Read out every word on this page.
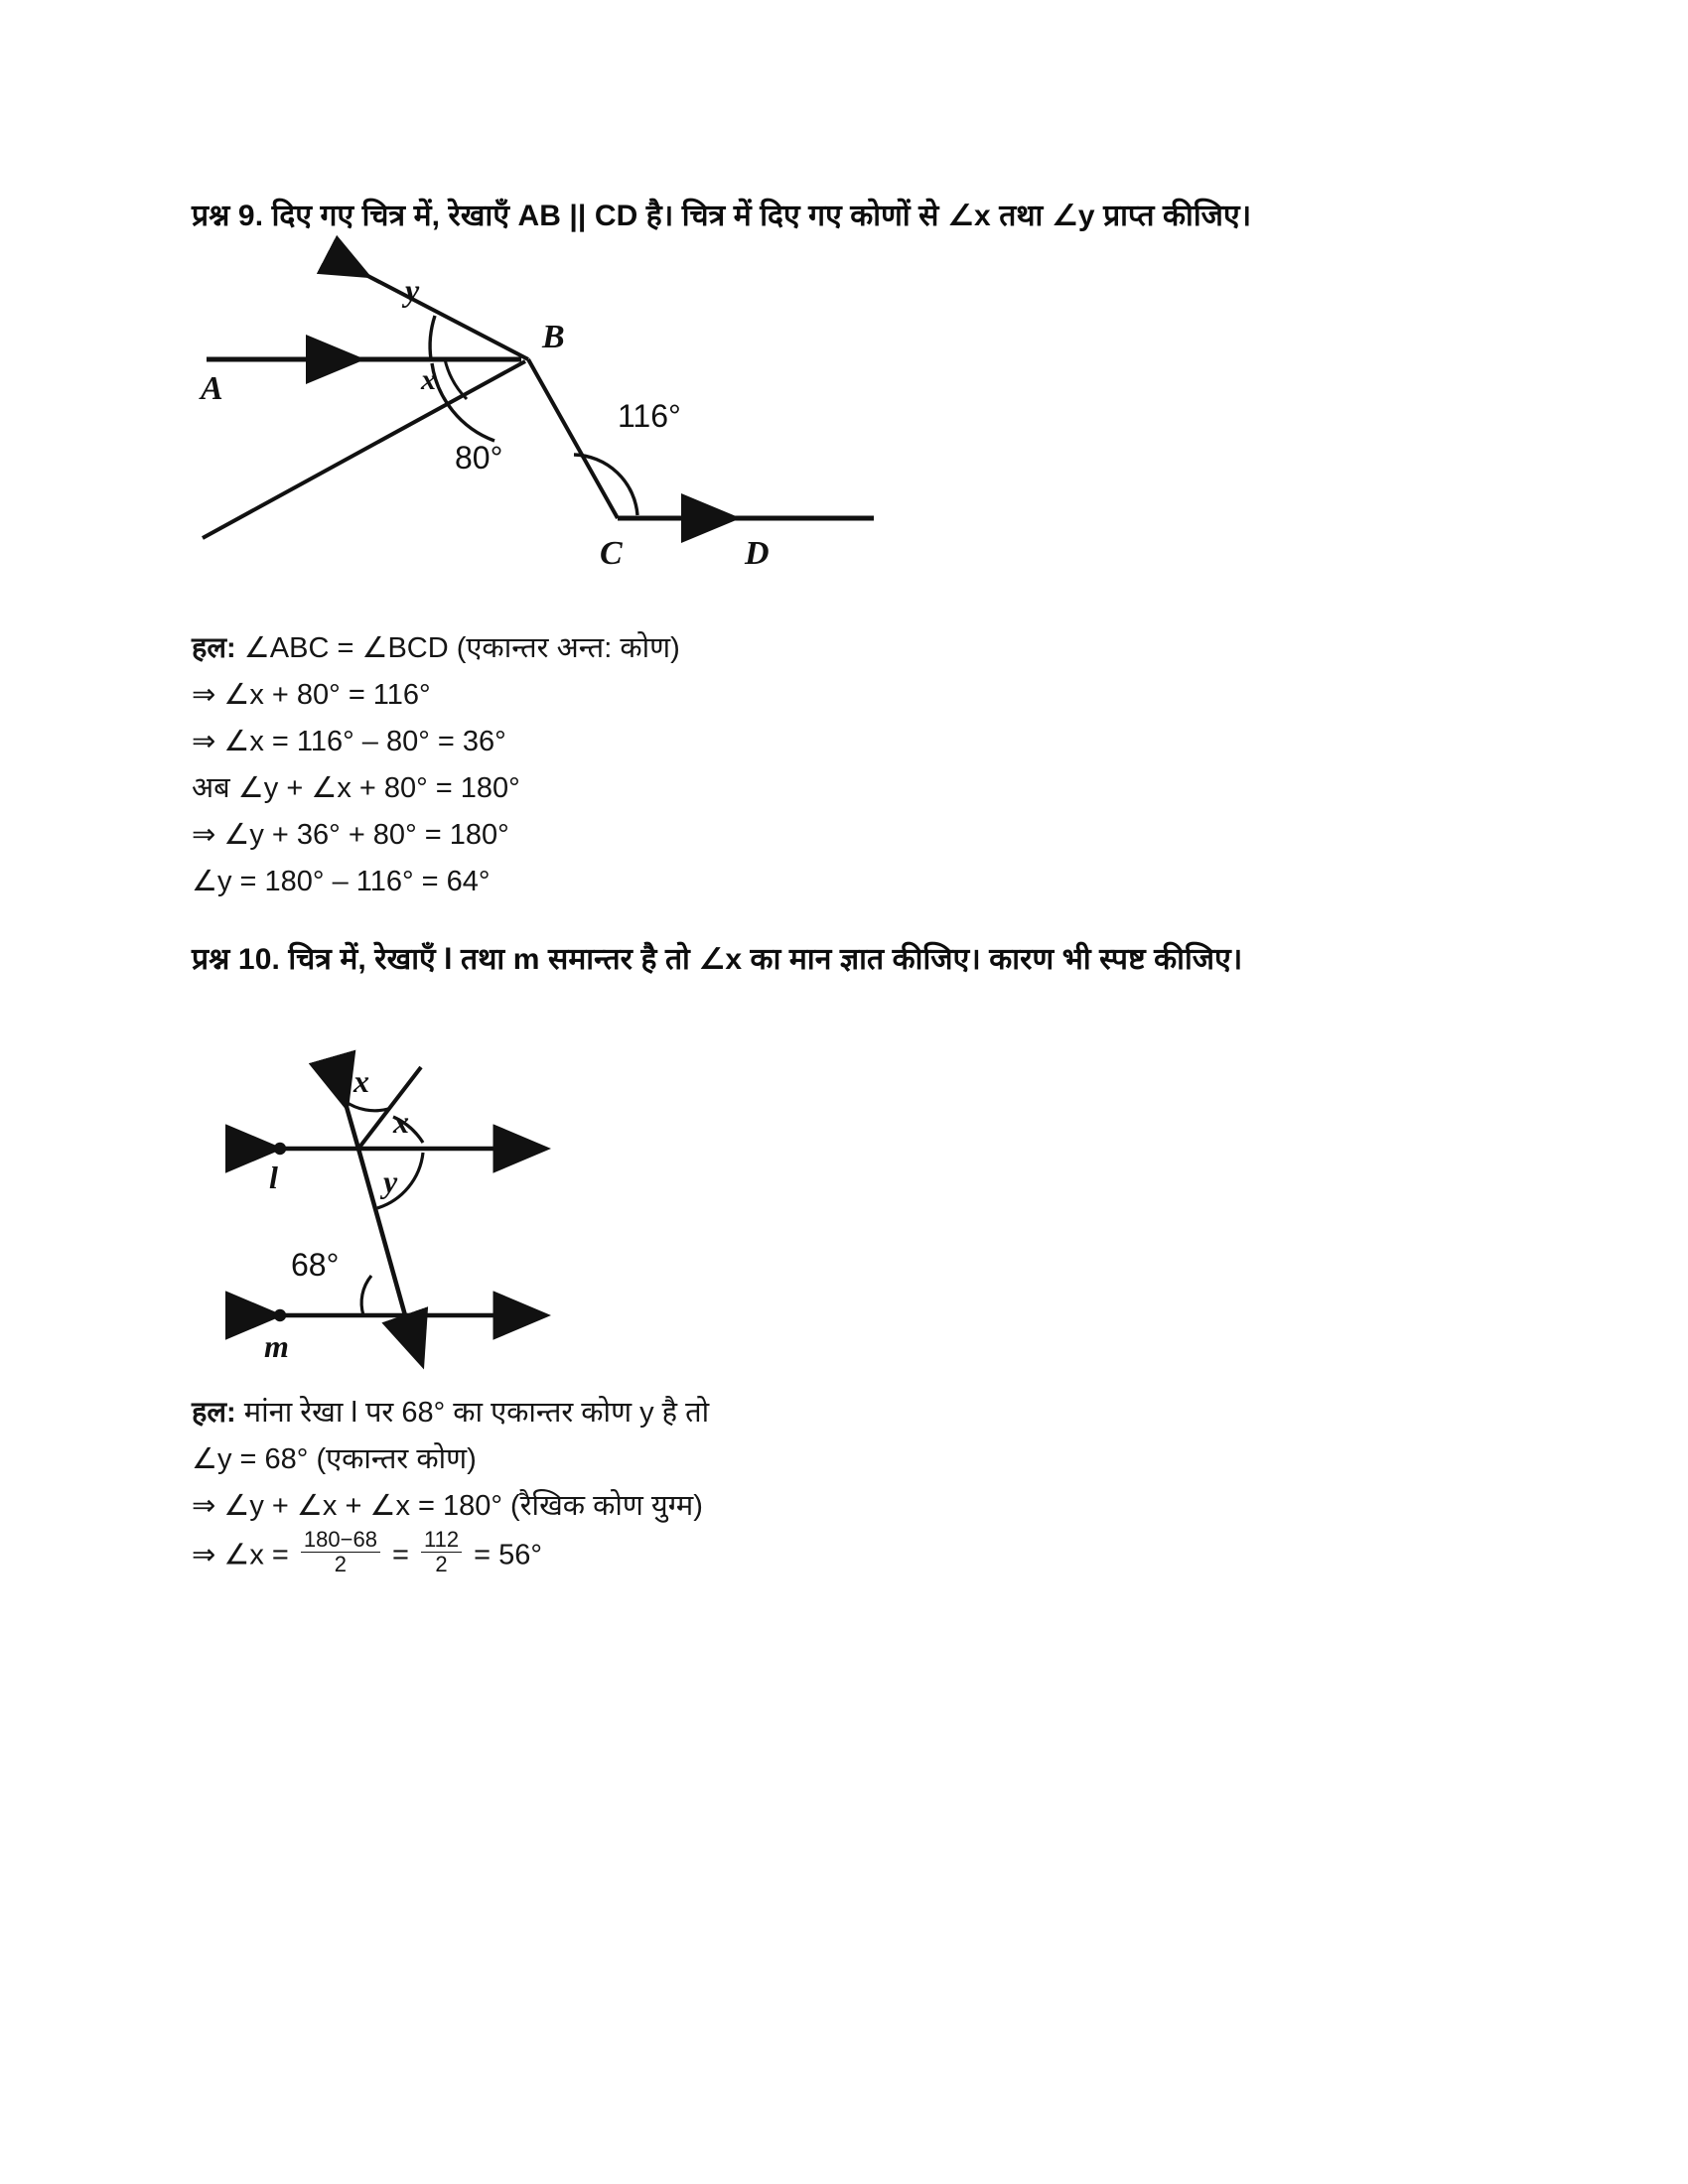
प्रश्न 9. दिए गए चित्र में, रेखाएँ AB || CD है। चित्र में दिए गए कोणों से ∠x तथा ∠y प्राप्त कीजिए।
A
B
C	D
y
x
80°
116°
हल: ∠ABC = ∠BCD (एकान्तर अन्त: कोण)
⇒ ∠x + 80° = 116°
⇒ ∠x = 116° – 80° = 36°
अब ∠y + ∠x + 80° = 180°
⇒ ∠y + 36° + 80° = 180°
∠y = 180° – 116° = 64°
प्रश्न 10. चित्र में, रेखाएँ l तथा m समान्तर है तो ∠x का मान ज्ञात कीजिए। कारण भी स्पष्ट कीजिए।
l
m
x
x
y
68°
हल: मांना रेखा l पर 68° का एकान्तर कोण y है तो
∠y = 68° (एकान्तर कोण)
⇒ ∠y + ∠x + ∠x = 180° (रैखिक कोण युग्म)
⇒ ∠x = $\frac{180-68}{2} = \frac{112}{2} = 56^\circ$
